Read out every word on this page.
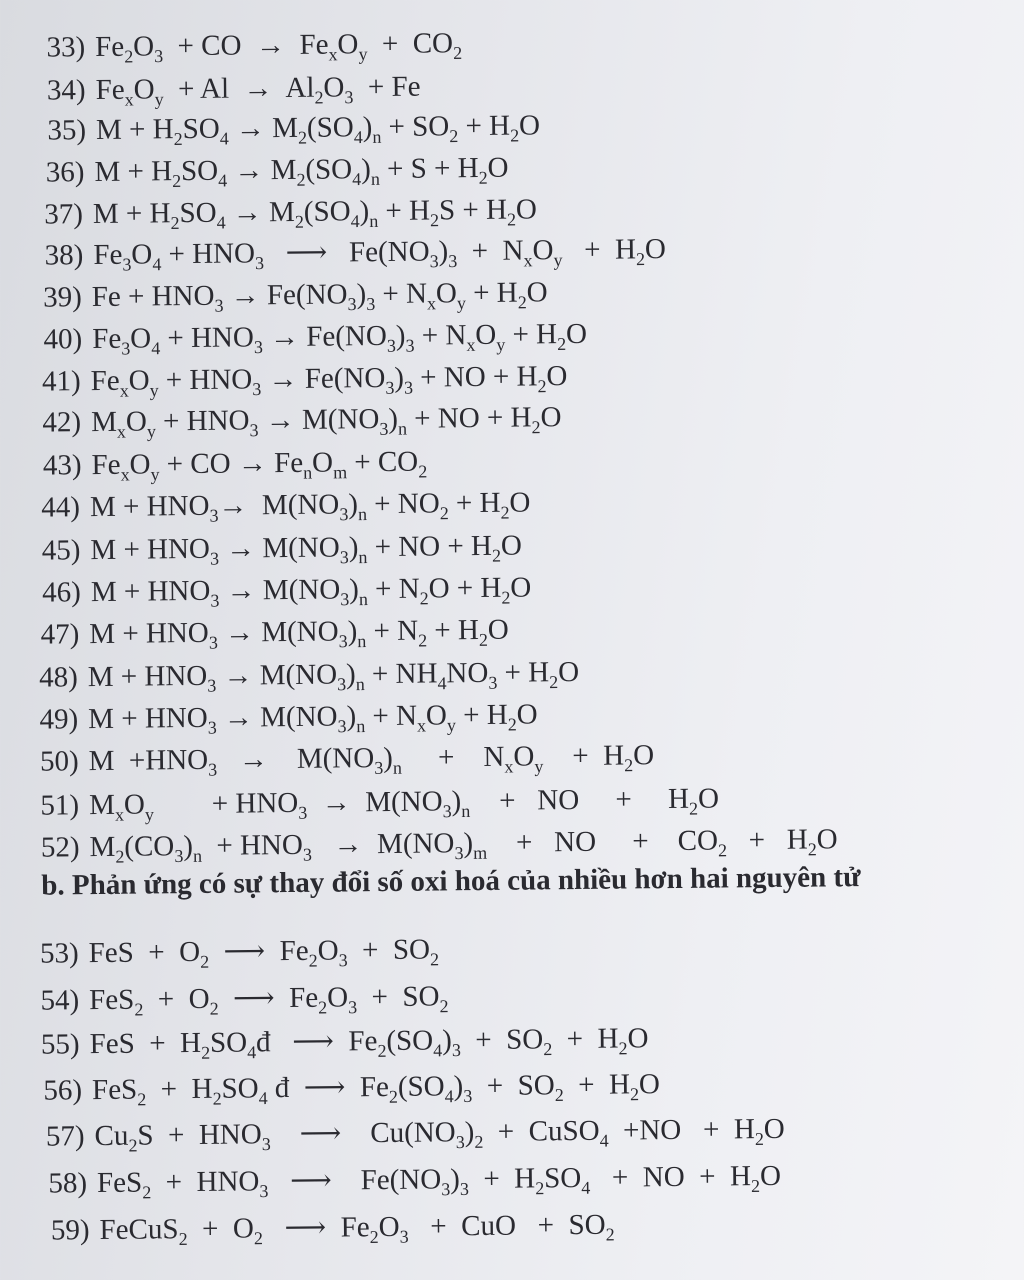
33) $Fe_2O_3$  + CO  →  $Fe_xO_y + CO_2$
34) $Fe_xO_y + Al \to Al_2O_3 + Fe$
35) $M + H_2SO_4 \to M_2(SO_4)_n + SO_2 + H_2O$
36) $M + H_2SO_4 \to M_2(SO_4)_n + S + H_2O$
37) $M + H_2SO_4 \to M_2(SO_4)_n + H_2S + H_2O$
38) $Fe_3O_4 + HNO_3$   ⟶   $Fe(NO_3)_3 + N_xO_y + H_2O$
39) $Fe + HNO_3 \to Fe(NO_3)_3 + N_xO_y + H_2O$
40) $Fe_3O_4 + HNO_3 \to Fe(NO_3)_3 + N_xO_y + H_2O$
41) $Fe_xO_y + HNO_3 \to Fe(NO_3)_3$ + NO + $H_2O$
42) $M_xO_y + HNO_3 \to M(NO_3)_n$ + NO + $H_2O$
43) $Fe_xO_y$ + CO → $Fe_nO_m + CO_2$
44) $M + HNO_3\to M(NO_3)_n + NO_2 + H_2O$
45) $M + HNO_3 \to M(NO_3)_n$ + NO + $H_2O$
46) $M + HNO_3 \to M(NO_3)_n + N_2O + H_2O$
47) $M + HNO_3 \to M(NO_3)_n + N_2 + H_2O$
48) $M + HNO_3 \to M(NO_3)_n + NH_4NO_3 + H_2O$
49) $M + HNO_3 \to M(NO_3)_n + N_xO_y + H_2O$
50) $M +HNO_3$   →    $M(NO_3)_n$     +    $N_xO_y$    +  $H_2O$
51) $M_xO_y$        + $HNO_3 \to M(NO_3)_n$    +   NO     +     $H_2O$
52) $M_2(CO_3)_n + HNO_3 \to M(NO_3)_m$    +   NO     +    $CO_2 + H_2O$
b. Phản ứng có sự thay đổi số oxi hoá của nhiều hơn hai nguyên tử
53) FeS  +  $O_2$  ⟶  $Fe_2O_3 + SO_2$
54) $FeS_2 + O_2$  ⟶  $Fe_2O_3 + SO_2$
55) FeS  +  $H_2SO_4đ$   ⟶  $Fe_2(SO_4)_3 + SO_2 + H_2O$
56) $FeS_2 + H_2SO_4$ đ  ⟶  $Fe_2(SO_4)_3 + SO_2 + H_2O$
57) $Cu_2S + HNO_3$    ⟶    $Cu(NO_3)_2$  +  CuSO$_4$  $+NO + H_2O$
58) $FeS_2 + HNO_3$   ⟶    $Fe(NO_3)_3 + H_2SO_4$   +  NO  +  $H_2O$
59) FeCuS$_2$  +  $O_2$   ⟶  $Fe_2O_3$   +  CuO   +  $SO_2$
